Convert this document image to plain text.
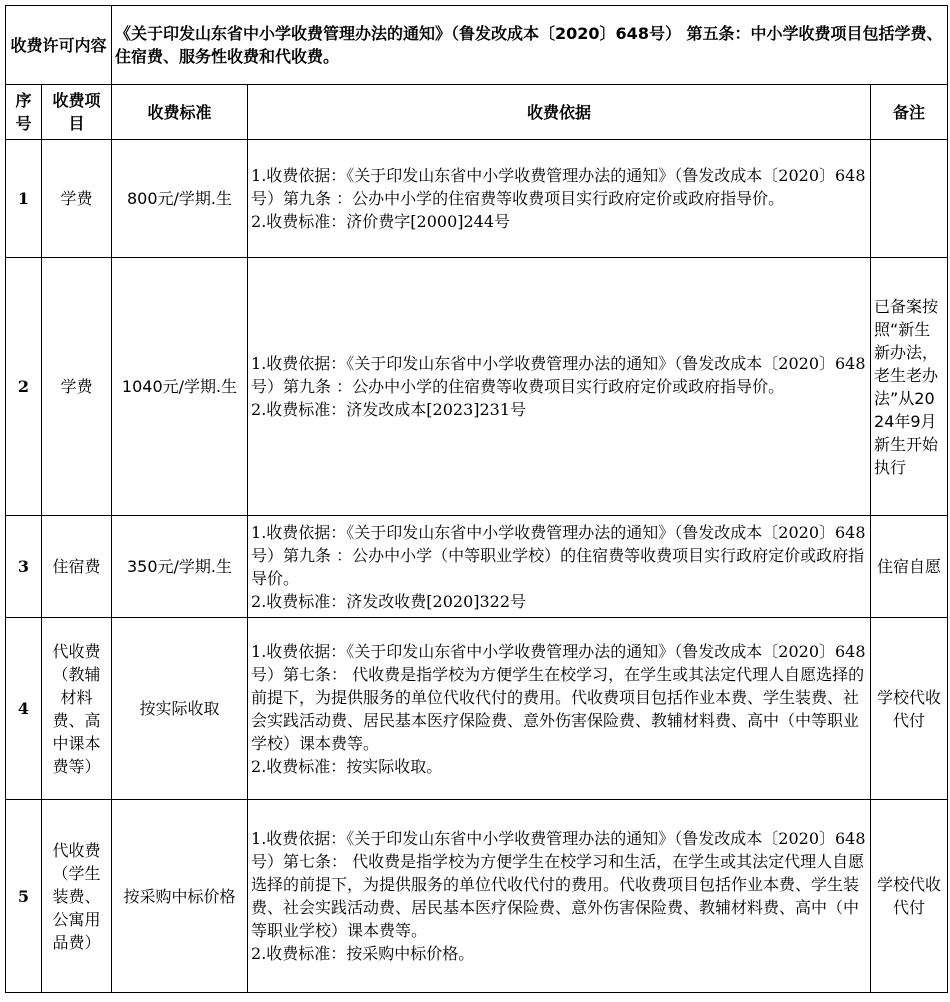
收费许可内容		《关于印发山东省中小学收费管理办法的通知》（鲁发改成本〔2020〕648号） 第五条：中小学收费项目包括学费、住宿费、服务性收费和代收费。		
序号	收费项目	收费标准	收费依据	备注
1	学费	800元/学期.生	1.收费依据：《关于印发山东省中小学收费管理办法的通知》（鲁发改成本〔2020〕648号）第九条 ：公办中小学的住宿费等收费项目实行政府定价或政府指导价。
2.收费标准：济价费字[2000]244号	

2	学费	1040元/学期.生	1.收费依据：《关于印发山东省中小学收费管理办法的通知》（鲁发改成本〔2020〕648号）第九条 ：公办中小学的住宿费等收费项目实行政府定价或政府指导价。
2.收费标准：济发改成本[2023]231号	已备案按照“新生新办法，老生老办法”从2024年9月新生开始执行
3	住宿费	350元/学期.生	1.收费依据：《关于印发山东省中小学收费管理办法的通知》（鲁发改成本〔2020〕648号）第九条 ：公办中小学（中等职业学校）的住宿费等收费项目实行政府定价或政府指导价。
2.收费标准：济发改收费[2020]322号	住宿自愿
4	代收费（教辅材料费、高中课本费等）	按实际收取	1.收费依据：《关于印发山东省中小学收费管理办法的通知》（鲁发改成本〔2020〕648号）第七条： 代收费是指学校为方便学生在校学习，在学生或其法定代理人自愿选择的前提下，为提供服务的单位代收代付的费用。代收费项目包括作业本费、学生装费、社会实践活动费、居民基本医疗保险费、意外伤害保险费、教辅材料费、高中（中等职业学校）课本费等。
2.收费标准：按实际收取。	学校代收代付
5	代收费（学生装费、公寓用品费）	按采购中标价格	1.收费依据：《关于印发山东省中小学收费管理办法的通知》（鲁发改成本〔2020〕648号）第七条： 代收费是指学校为方便学生在校学习和生活，在学生或其法定代理人自愿选择的前提下，为提供服务的单位代收代付的费用。代收费项目包括作业本费、学生装费、社会实践活动费、居民基本医疗保险费、意外伤害保险费、教辅材料费、高中（中等职业学校）课本费等。
2.收费标准：按采购中标价格。	学校代收代付
